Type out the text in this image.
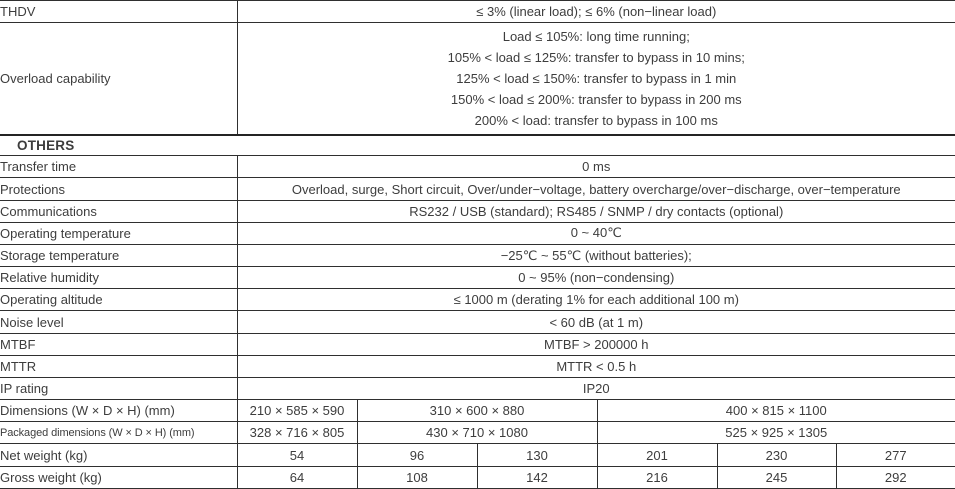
THDV	≤ 3% (linear load); ≤ 6% (non−linear load)					
Overload capability	Load ≤ 105%: long time running;
105% < load ≤ 125%: transfer to bypass in 10 mins;
125% < load ≤ 150%: transfer to bypass in 1 min
150% < load ≤ 200%: transfer to bypass in 200 ms
200% < load: transfer to bypass in 100 ms					

OTHERS						
Transfer time	0 ms					
Protections	Overload, surge, Short circuit, Over/under−voltage, battery overcharge/over−discharge, over−temperature					
Communications	RS232 / USB (standard); RS485 / SNMP / dry contacts (optional)					
Operating temperature	0 ~ 40℃					
Storage temperature	−25℃ ~ 55℃ (without batteries);					
Relative humidity	0 ~ 95% (non−condensing)					
Operating altitude	≤ 1000 m (derating 1% for each additional 100 m)					
Noise level	< 60 dB (at 1 m)					
MTBF	MTBF > 200000 h					
MTTR	MTTR < 0.5 h					
IP rating	IP20					
Dimensions (W × D × H) (mm)	210 × 585 × 590	310 × 600 × 880		400 × 815 × 1100		
Packaged dimensions (W × D × H) (mm)	328 × 716 × 805	430 × 710 × 1080		525 × 925 × 1305		
Net weight (kg)	54	96	130	201	230	277
Gross weight (kg)	64	108	142	216	245	292
